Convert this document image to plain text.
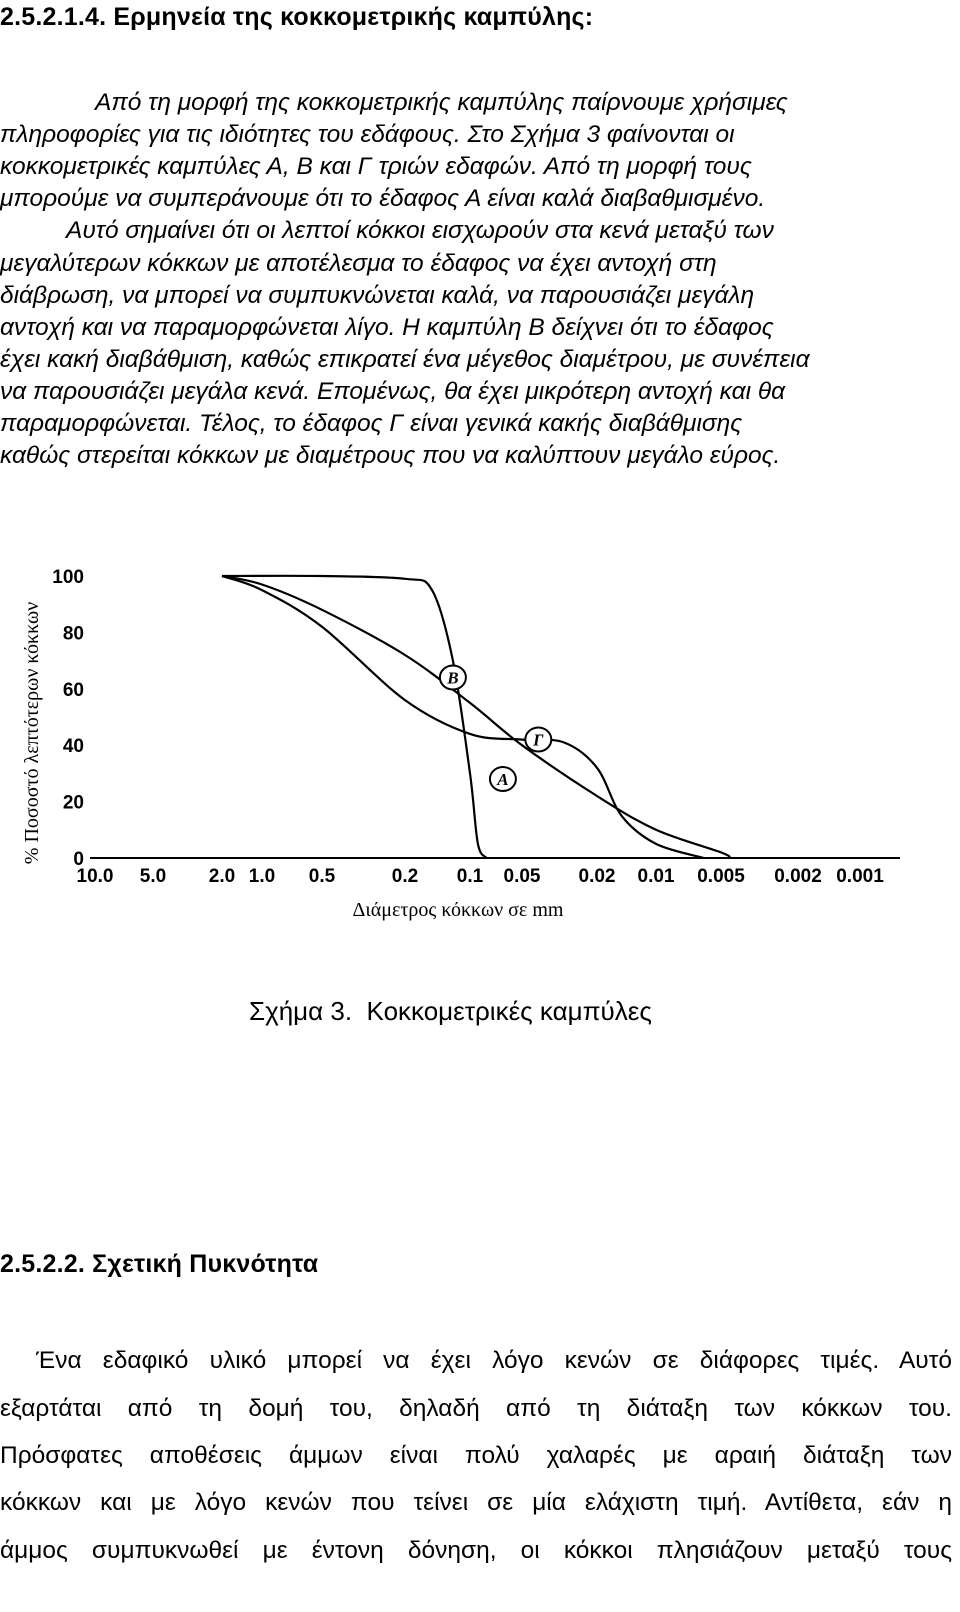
2.5.2.1.4. Ερμηνεία της κοκκομετρικής καμπύλης:
Από τη μορφή της κοκκομετρικής καμπύλης παίρνουμε χρήσιμες
πληροφορίες για τις ιδιότητες του εδάφους. Στο Σχήμα 3 φαίνονται οι
κοκκομετρικές καμπύλες Α, Β και Γ τριών εδαφών. Από τη μορφή τους
μπορούμε να συμπεράνουμε ότι το έδαφος Α είναι καλά διαβαθμισμένο.
Αυτό σημαίνει ότι οι λεπτοί κόκκοι εισχωρούν στα κενά μεταξύ των
μεγαλύτερων κόκκων με αποτέλεσμα το έδαφος να έχει αντοχή στη
διάβρωση, να μπορεί να συμπυκνώνεται καλά, να παρουσιάζει μεγάλη
αντοχή και να παραμορφώνεται λίγο. Η καμπύλη Β δείχνει ότι το έδαφος
έχει κακή διαβάθμιση, καθώς επικρατεί ένα μέγεθος διαμέτρου, με συνέπεια
να παρουσιάζει μεγάλα κενά. Επομένως, θα έχει μικρότερη αντοχή και θα
παραμορφώνεται. Τέλος, το έδαφος Γ είναι γενικά κακής διαβάθμισης
καθώς στερείται κόκκων με διαμέτρους που να καλύπτουν μεγάλο εύρος.
% Ποσοστό λεπτότερων κόκκων 0
20
40
60
80
100
10.0 5.0 2.0 1.0 0.5	0.2 0.1 0.05 0.02 0.01 0.005 0.002 0.001
Διάμετρος κόκκων σε mm
Α
Β
Γ
Σχήμα 3.  Κοκκομετρικές καμπύλες
2.5.2.2. Σχετική Πυκνότητα
Ένα εδαφικό υλικό μπορεί να έχει λόγο κενών σε διάφορες τιμές. Αυτό
εξαρτάται από τη δομή του, δηλαδή από τη διάταξη των κόκκων του.
Πρόσφατες αποθέσεις άμμων είναι πολύ χαλαρές με αραιή διάταξη των
κόκκων και με λόγο κενών που τείνει σε μία ελάχιστη τιμή. Αντίθετα, εάν η
άμμος συμπυκνωθεί με έντονη δόνηση, οι κόκκοι πλησιάζουν μεταξύ τους
